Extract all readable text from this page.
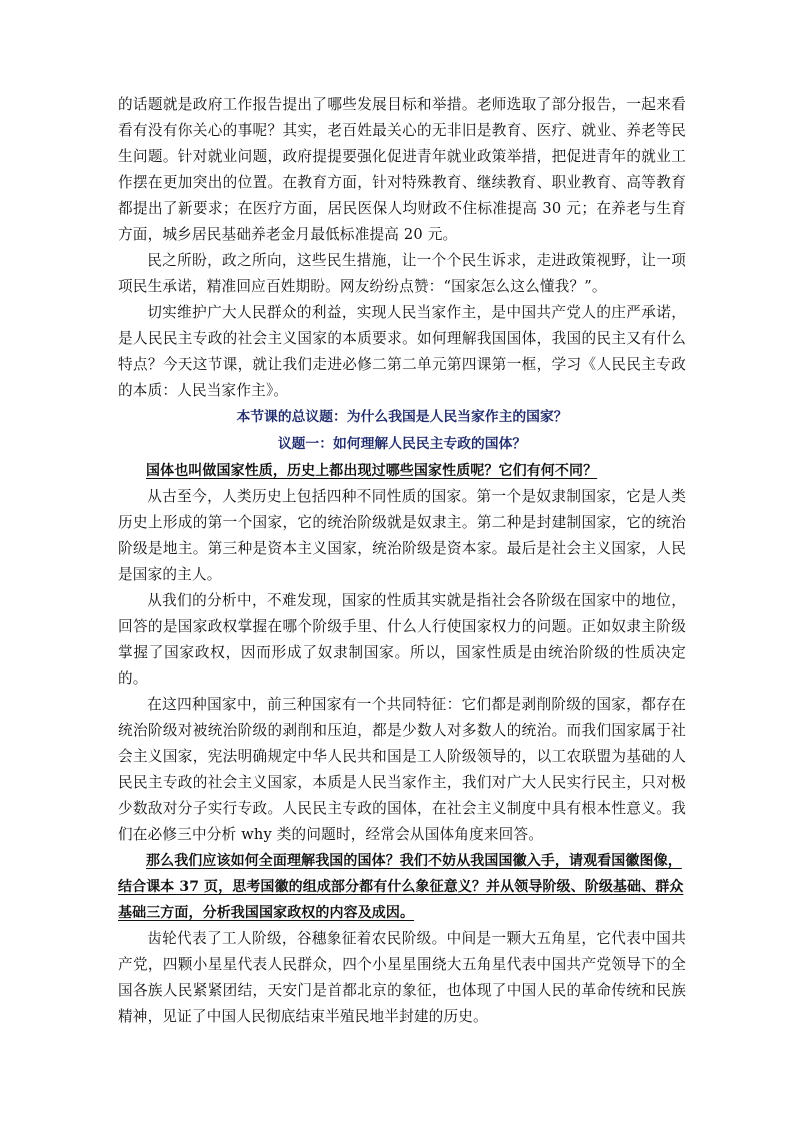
的话题就是政府工作报告提出了哪些发展目标和举措。老师选取了部分报告，一起来看看有没有你关心的事呢？其实，老百姓最关心的无非旧是教育、医疗、就业、养老等民生问题。针对就业问题，政府提提要强化促进青年就业政策举措，把促进青年的就业工作摆在更加突出的位置。在教育方面，针对特殊教育、继续教育、职业教育、高等教育都提出了新要求；在医疗方面，居民医保人均财政不住标准提高 30 元；在养老与生育方面，城乡居民基础养老金月最低标准提高 20 元。

民之所盼，政之所向，这些民生措施，让一个个民生诉求，走进政策视野，让一项项民生承诺，精准回应百姓期盼。网友纷纷点赞：“国家怎么这么懂我？”。

切实维护广大人民群众的利益，实现人民当家作主，是中国共产党人的庄严承诺，是人民民主专政的社会主义国家的本质要求。如何理解我国国体，我国的民主又有什么特点？今天这节课，就让我们走进必修二第二单元第四课第一框，学习《人民民主专政的本质：人民当家作主》。

本节课的总议题：为什么我国是人民当家作主的国家？

议题一：如何理解人民民主专政的国体？

国体也叫做国家性质，历史上都出现过哪些国家性质呢？它们有何不同？

从古至今，人类历史上包括四种不同性质的国家。第一个是奴隶制国家，它是人类历史上形成的第一个国家，它的统治阶级就是奴隶主。第二种是封建制国家，它的统治阶级是地主。第三种是资本主义国家，统治阶级是资本家。最后是社会主义国家，人民是国家的主人。

从我们的分析中，不难发现，国家的性质其实就是指社会各阶级在国家中的地位，回答的是国家政权掌握在哪个阶级手里、什么人行使国家权力的问题。正如奴隶主阶级掌握了国家政权，因而形成了奴隶制国家。所以，国家性质是由统治阶级的性质决定的。

在这四种国家中，前三种国家有一个共同特征：它们都是剥削阶级的国家，都存在统治阶级对被统治阶级的剥削和压迫，都是少数人对多数人的统治。而我们国家属于社会主义国家，宪法明确规定中华人民共和国是工人阶级领导的，以工农联盟为基础的人民民主专政的社会主义国家，本质是人民当家作主，我们对广大人民实行民主，只对极少数敌对分子实行专政。人民民主专政的国体，在社会主义制度中具有根本性意义。我们在必修三中分析 why 类的问题时，经常会从国体角度来回答。

那么我们应该如何全面理解我国的国体？我们不妨从我国国徽入手，请观看国徽图像，结合课本 37 页，思考国徽的组成部分都有什么象征意义？并从领导阶级、阶级基础、群众基础三方面，分析我国国家政权的内容及成因。

齿轮代表了工人阶级，谷穗象征着农民阶级。中间是一颗大五角星，它代表中国共产党，四颗小星星代表人民群众，四个小星星围绕大五角星代表中国共产党领导下的全国各族人民紧紧团结，天安门是首都北京的象征，也体现了中国人民的革命传统和民族精神，见证了中国人民彻底结束半殖民地半封建的历史。
